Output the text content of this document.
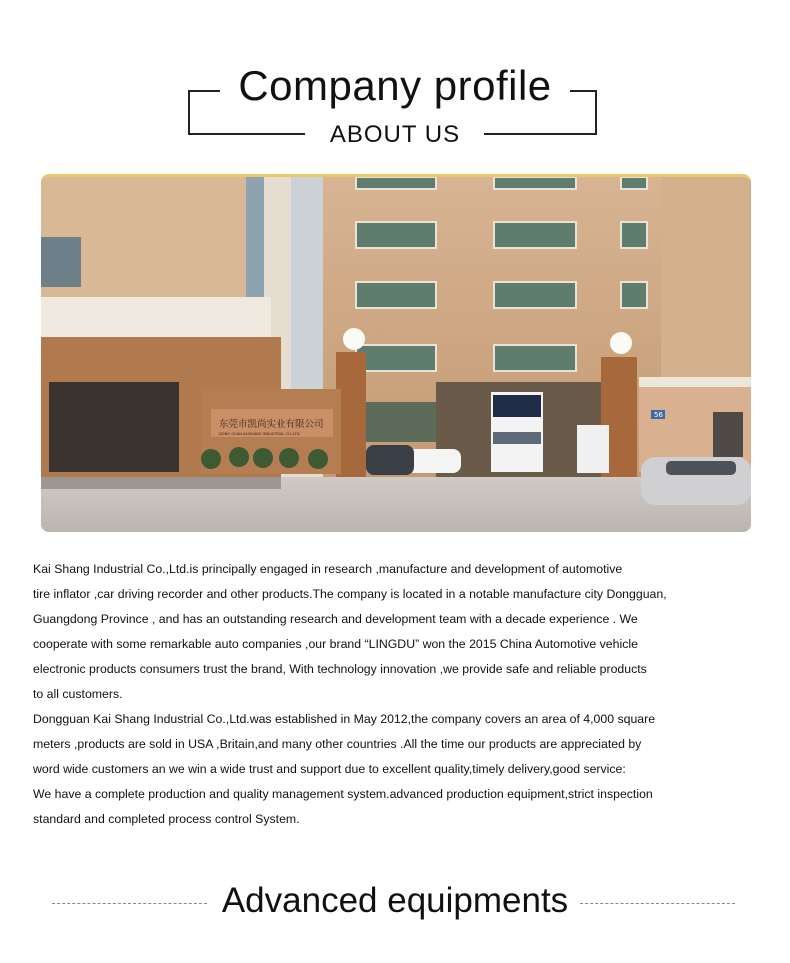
Company profile
ABOUT US
56
东莞市凯尚实业有限公司
DONG GUAN KAISHANG INDUSTRIAL CO.,LTD.

Kai Shang Industrial Co.,Ltd.is principally engaged in research ,manufacture and development of automotive

tire inflator ,car driving recorder and other products.The company is located in a notable manufacture city Dongguan,

Guangdong Province , and has an outstanding research and development team with a decade experience . We

cooperate with some remarkable auto companies ,our brand “LINGDU” won the 2015 China Automotive vehicle

electronic products consumers trust the brand, With technology innovation ,we provide safe and reliable products

to all customers.

Dongguan Kai Shang Industrial Co.,Ltd.was established in May 2012,the company covers an area of 4,000 square

meters ,products are sold in USA ,Britain,and many other countries .All the time our products are appreciated by

word wide customers an we win a wide trust and support due to excellent quality,timely delivery,good service:

We have a complete production and quality management system.advanced production equipment,strict inspection

standard and completed process control System.

Advanced equipments
